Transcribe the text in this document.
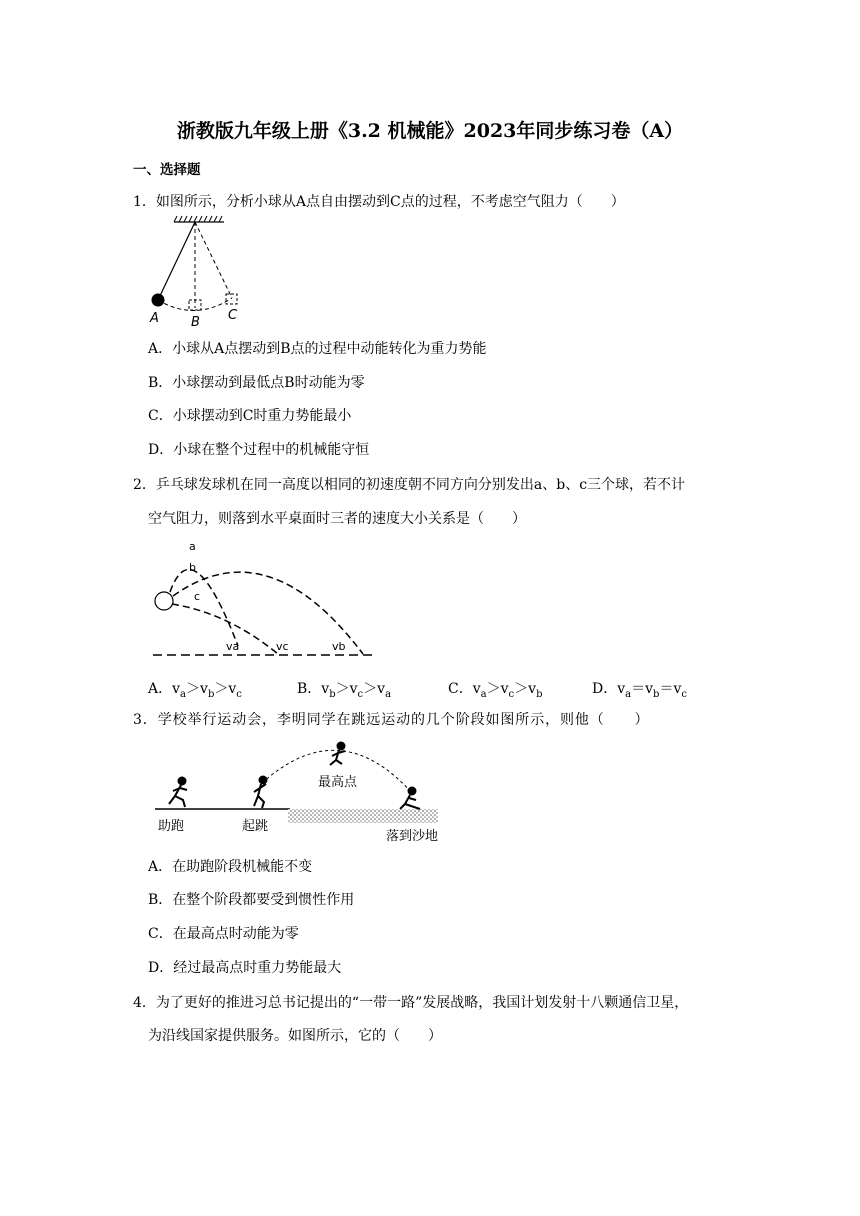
浙教版九年级上册《3.2 机械能》2023年同步练习卷（A）
一、选择题
1．如图所示，分析小球从A点自由摆动到C点的过程，不考虑空气阻力（　　）
A B C
A．小球从A点摆动到B点的过程中动能转化为重力势能
B．小球摆动到最低点B时动能为零
C．小球摆动到C时重力势能最小
D．小球在整个过程中的机械能守恒
2．乒乓球发球机在同一高度以相同的初速度朝不同方向分别发出a、b、c三个球，若不计
空气阻力，则落到水平桌面时三者的速度大小关系是（　　）
a
b
c
va	vc	vb
A．$v_a>v_b>v_c$	B．$v_b>v_c>v_a$	C．$v_a>v_c>v_b$	D．$v_a=v_b=v_c$
3．学校举行运动会，李明同学在跳远运动的几个阶段如图所示，则他（　　）
助跑	起跳
最高点
落到沙地
A．在助跑阶段机械能不变
B．在整个阶段都要受到惯性作用
C．在最高点时动能为零
D．经过最高点时重力势能最大
4．为了更好的推进习总书记提出的“一带一路”发展战略，我国计划发射十八颗通信卫星，
为沿线国家提供服务。如图所示，它的（　　）
